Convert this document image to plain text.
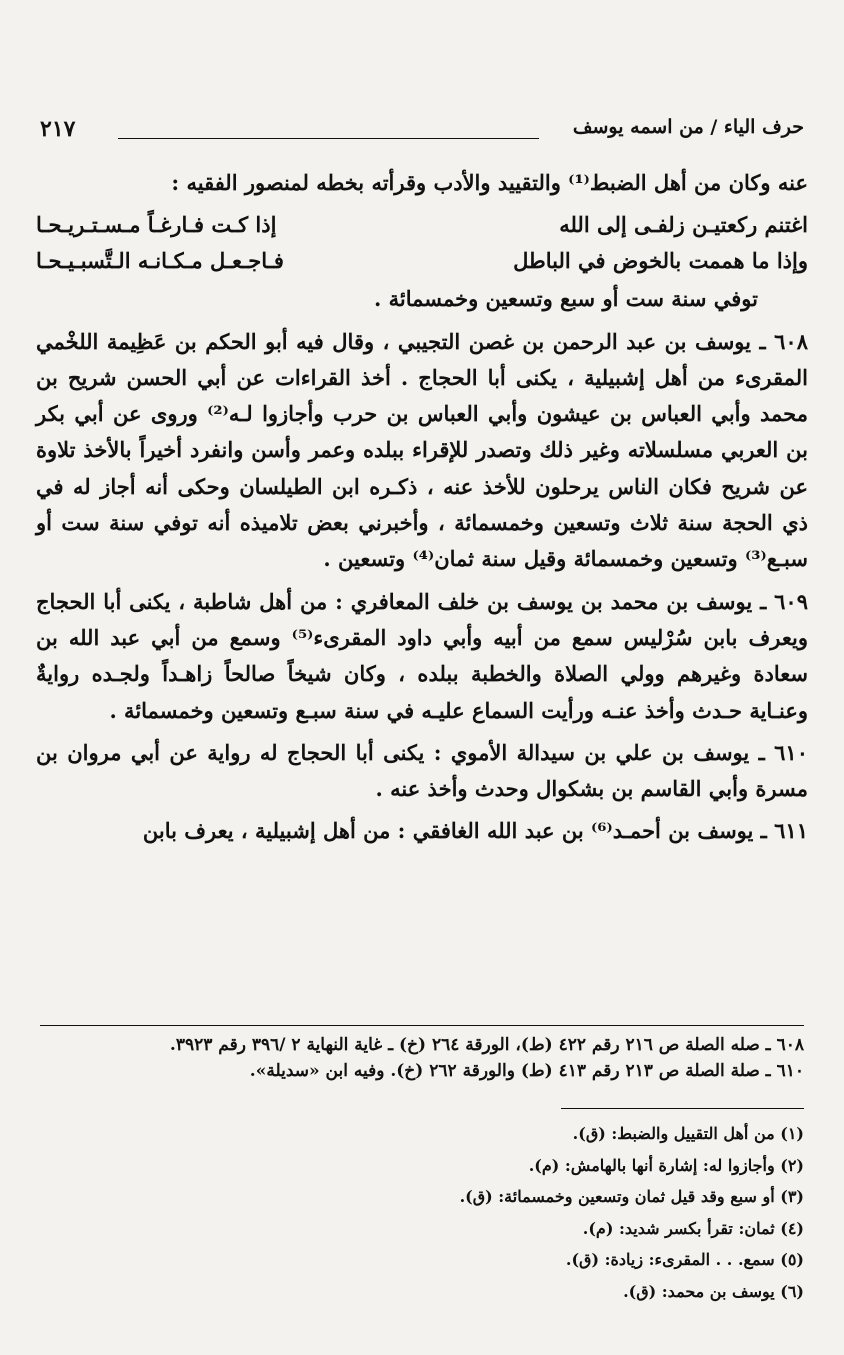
حرف الياء / من اسمه يوسف
٢١٧

عنه وكان من أهل الضبط⁽¹⁾ والتقييد والأدب وقرأته بخطه لمنصور الفقيه :

اغتنم ركعتيـن زلفـى إلى الله
إذا كـت فـارغـاً مـسـتـريـحـا
وإذا ما هممت بالخوض في الباطل
فـاجـعـل مـكـانـه الـتَّسبـيـحـا

توفي سنة ست أو سبع وتسعين وخمسمائة .

٦٠٨ ـ يوسف بن عبد الرحمن بن غصن التجيبي ، وقال فيه أبو الحكم بن عَظِيمة اللخْمي المقرىء من أهل إشبيلية ، يكنى أبا الحجاج . أخذ القراءات عن أبي الحسن شريح بن محمد وأبي العباس بن عيشون وأبي العباس بن حرب وأجازوا لـه⁽²⁾ وروى عن أبي بكر بن العربي مسلسلاته وغير ذلك وتصدر للإقراء ببلده وعمر وأسن وانفرد أخيراً بالأخذ تلاوة عن شريح فكان الناس يرحلون للأخذ عنه ، ذكـره ابن الطيلسان وحكى أنه أجاز له في ذي الحجة سنة ثلاث وتسعين وخمسمائة ، وأخبرني بعض تلاميذه أنه توفي سنة ست أو سبـع⁽³⁾ وتسعين وخمسمائة وقيل سنة ثمان⁽⁴⁾ وتسعين .

٦٠٩ ـ يوسف بن محمد بن يوسف بن خلف المعافري : من أهل شاطبة ، يكنى أبا الحجاج ويعرف بابن سُرْليس سمع من أبيه وأبي داود المقرىء⁽⁵⁾ وسمع من أبي عبد الله بن سعادة وغيرهم وولي الصلاة والخطبة ببلده ، وكان شيخاً صالحاً زاهـداً ولجـده روايةٌ وعنـاية حـدث وأخذ عنـه ورأيت السماع عليـه في سنة سبـع وتسعين وخمسمائة .

٦١٠ ـ يوسف بن علي بن سيدالة الأموي : يكنى أبا الحجاج له رواية عن أبي مروان بن مسرة وأبي القاسم بن بشكوال وحدث وأخذ عنه .

٦١١ ـ يوسف بن أحمـد⁽⁶⁾ بن عبد الله الغافقي : من أهل إشبيلية ، يعرف بابن

٦٠٨ ـ صله الصلة ص ٢١٦ رقم ٤٢٢ (ط)، الورقة ٢٦٤ (خ) ـ غاية النهاية ٢ /٣٩٦ رقم ٣٩٢٣.
٦١٠ ـ صلة الصلة ص ٢١٣ رقم ٤١٣ (ط) والورقة ٢٦٢ (خ). وفيه ابن «سديلة».
(١) من أهل التقييل والضبط: (ق).
(٢) وأجازوا له: إشارة أنها بالهامش: (م).
(٣) أو سبع وقد قيل ثمان وتسعين وخمسمائة: (ق).
(٤) ثمان: تقرأ بكسر شديد: (م).
(٥) سمع. . . المقرىء: زيادة: (ق).
(٦) يوسف بن محمد: (ق).
